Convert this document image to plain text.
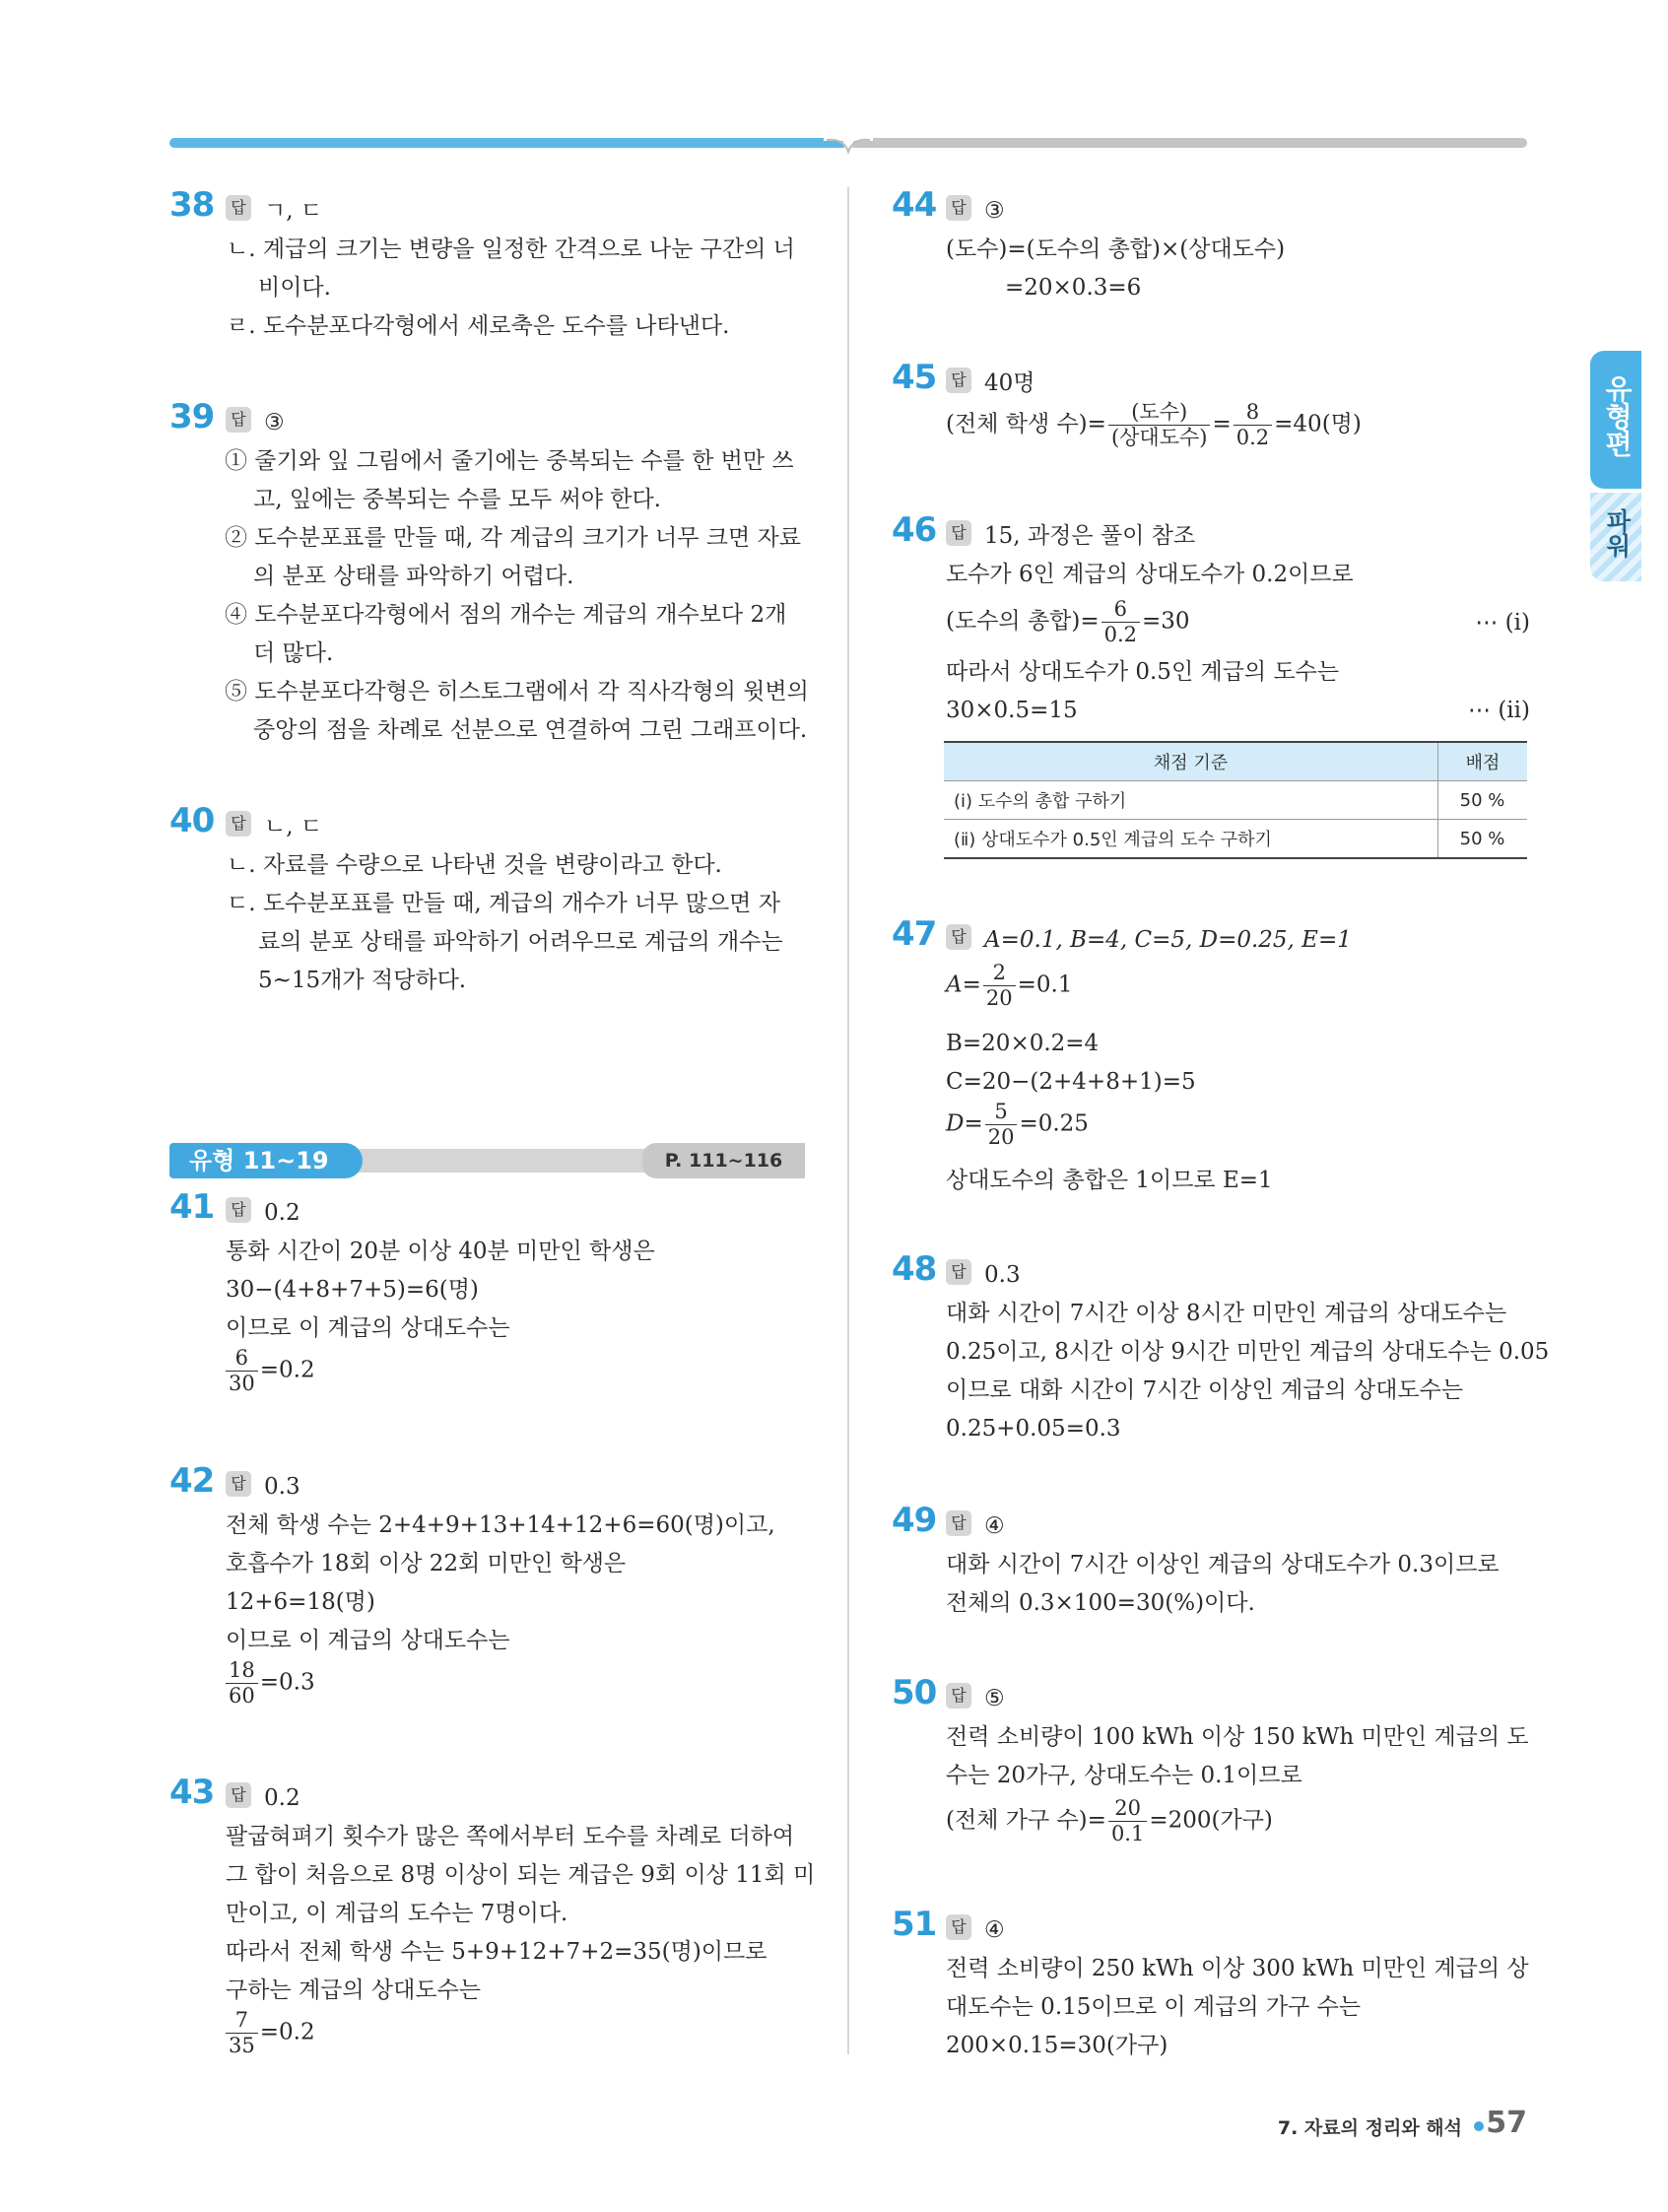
유형편
파워
38	답 ㄱ, ㄷ
ㄴ. 계급의 크기는 변량을 일정한 간격으로 나눈 구간의 너
비이다.
ㄹ. 도수분포다각형에서 세로축은 도수를 나타낸다.
39	답 ③
① 줄기와 잎 그림에서 줄기에는 중복되는 수를 한 번만 쓰
고, 잎에는 중복되는 수를 모두 써야 한다.
② 도수분포표를 만들 때, 각 계급의 크기가 너무 크면 자료
의 분포 상태를 파악하기 어렵다.
④ 도수분포다각형에서 점의 개수는 계급의 개수보다 2개
더 많다.
⑤ 도수분포다각형은 히스토그램에서 각 직사각형의 윗변의
중앙의 점을 차례로 선분으로 연결하여 그린 그래프이다.
40	답 ㄴ, ㄷ
ㄴ. 자료를 수량으로 나타낸 것을 변량이라고 한다.
ㄷ. 도수분포표를 만들 때, 계급의 개수가 너무 많으면 자
료의 분포 상태를 파악하기 어려우므로 계급의 개수는
5~15개가 적당하다.
유형 11~19	P. 111~116
41	답 0.2
통화 시간이 20분 이상 40분 미만인 학생은
30−(4+8+7+5)=6(명)
이므로 이 계급의 상대도수는
$\frac{6}{30} =0.2$
42	답 0.3
전체 학생 수는 2+4+9+13+14+12+6=60(명)이고,
호흡수가 18회 이상 22회 미만인 학생은
12+6=18(명)
이므로 이 계급의 상대도수는
$\frac{18}{60} =0.3$
43	답 0.2
팔굽혀펴기 횟수가 많은 쪽에서부터 도수를 차례로 더하여
그 합이 처음으로 8명 이상이 되는 계급은 9회 이상 11회 미
만이고, 이 계급의 도수는 7명이다.
따라서 전체 학생 수는 5+9+12+7+2=35(명)이므로
구하는 계급의 상대도수는
$\frac{7}{35} =0.2$
44 답 ③
(도수)=(도수의 총합)×(상대도수)
=20×0.3=6
45 답 40명
(전체 학생 수)= $\frac{\text{(도수)}}{\text{(상대도수)}} = \frac{8}{0.2} =40$(명)
46 답 15, 과정은 풀이 참조
도수가 6인 계급의 상대도수가 0.2이므로
(도수의 총합)= $\frac{6}{0.2} =30$	⋯ (ⅰ)
따라서 상대도수가 0.5인 계급의 도수는
30×0.5=15	⋯ (ⅱ)
채점 기준	배점
(ⅰ) 도수의 총합 구하기	50 %
(ⅱ) 상대도수가 0.5인 계급의 도수 구하기	50 %
47 답 A=0.1, B=4, C=5, D=0.25, E=1
$A= \frac{2}{20} =0.1$
B=20×0.2=4
C=20−(2+4+8+1)=5
$D= \frac{5}{20} =0.25$
상대도수의 총합은 1이므로 E=1
48 답 0.3
대화 시간이 7시간 이상 8시간 미만인 계급의 상대도수는
0.25이고, 8시간 이상 9시간 미만인 계급의 상대도수는 0.05
이므로 대화 시간이 7시간 이상인 계급의 상대도수는
0.25+0.05=0.3
49 답 ④
대화 시간이 7시간 이상인 계급의 상대도수가 0.3이므로
전체의 0.3×100=30(%)이다.
50 답 ⑤
전력 소비량이 100 kWh 이상 150 kWh 미만인 계급의 도
수는 20가구, 상대도수는 0.1이므로
(전체 가구 수)= $\frac{20}{0.1} =200$(가구)
51 답 ④
전력 소비량이 250 kWh 이상 300 kWh 미만인 계급의 상
대도수는 0.15이므로 이 계급의 가구 수는
200×0.15=30(가구)
7. 자료의 정리와 해석 57
